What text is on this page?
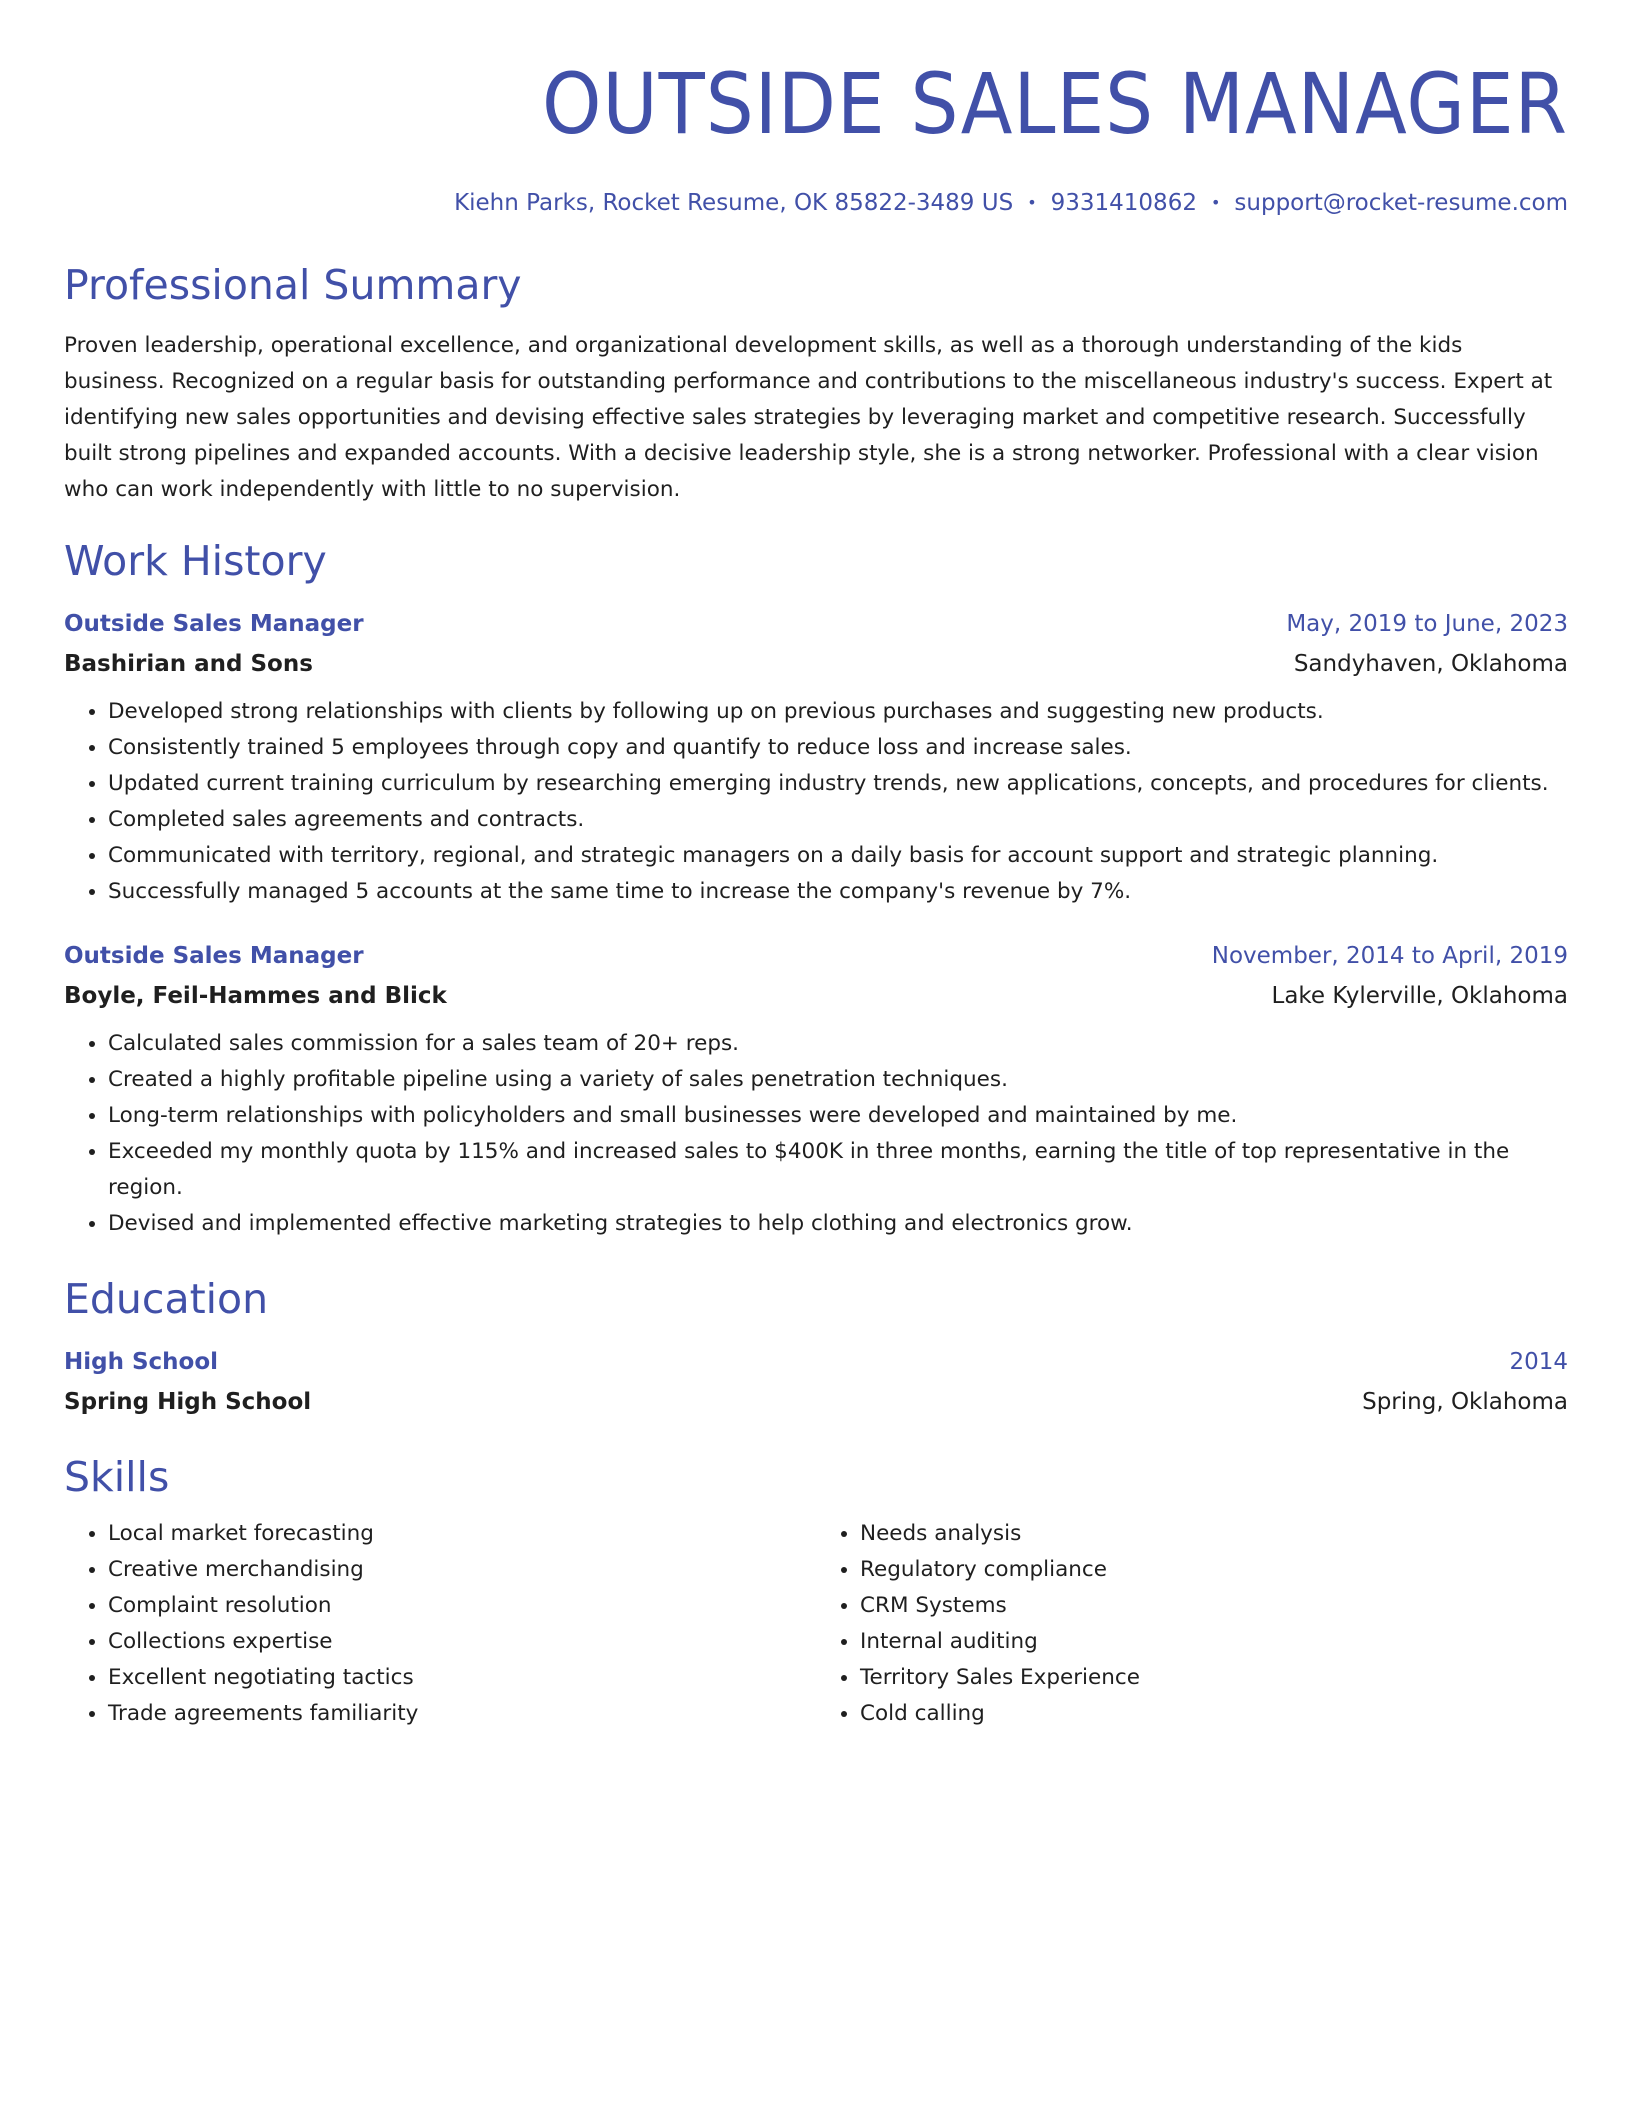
OUTSIDE SALES MANAGER
Kiehn Parks, Rocket Resume, OK 85822-3489 US • 9331410862 • support@rocket-resume.com
Professional Summary
Proven leadership, operational excellence, and organizational development skills, as well as a thorough understanding of the kids business. Recognized on a regular basis for outstanding performance and contributions to the miscellaneous industry's success. Expert at identifying new sales opportunities and devising effective sales strategies by leveraging market and competitive research. Successfully built strong pipelines and expanded accounts. With a decisive leadership style, she is a strong networker. Professional with a clear vision who can work independently with little to no supervision.
Work History
Outside Sales Manager	May, 2019 to June, 2023
Bashirian and Sons	Sandyhaven, Oklahoma
• Developed strong relationships with clients by following up on previous purchases and suggesting new products.
• Consistently trained 5 employees through copy and quantify to reduce loss and increase sales.
• Updated current training curriculum by researching emerging industry trends, new applications, concepts, and procedures for clients.
• Completed sales agreements and contracts.
• Communicated with territory, regional, and strategic managers on a daily basis for account support and strategic planning.
• Successfully managed 5 accounts at the same time to increase the company's revenue by 7%.
Outside Sales Manager	November, 2014 to April, 2019
Boyle, Feil-Hammes and Blick	Lake Kylerville, Oklahoma
• Calculated sales commission for a sales team of 20+ reps.
• Created a highly profitable pipeline using a variety of sales penetration techniques.
• Long-term relationships with policyholders and small businesses were developed and maintained by me.
• Exceeded my monthly quota by 115% and increased sales to $400K in three months, earning the title of top representative in the region.
• Devised and implemented effective marketing strategies to help clothing and electronics grow.
Education
High School	2014
Spring High School	Spring, Oklahoma
Skills
• Local market forecasting
• Creative merchandising
• Complaint resolution
• Collections expertise
• Excellent negotiating tactics
• Trade agreements familiarity
• Needs analysis
• Regulatory compliance
• CRM Systems
• Internal auditing
• Territory Sales Experience
• Cold calling
